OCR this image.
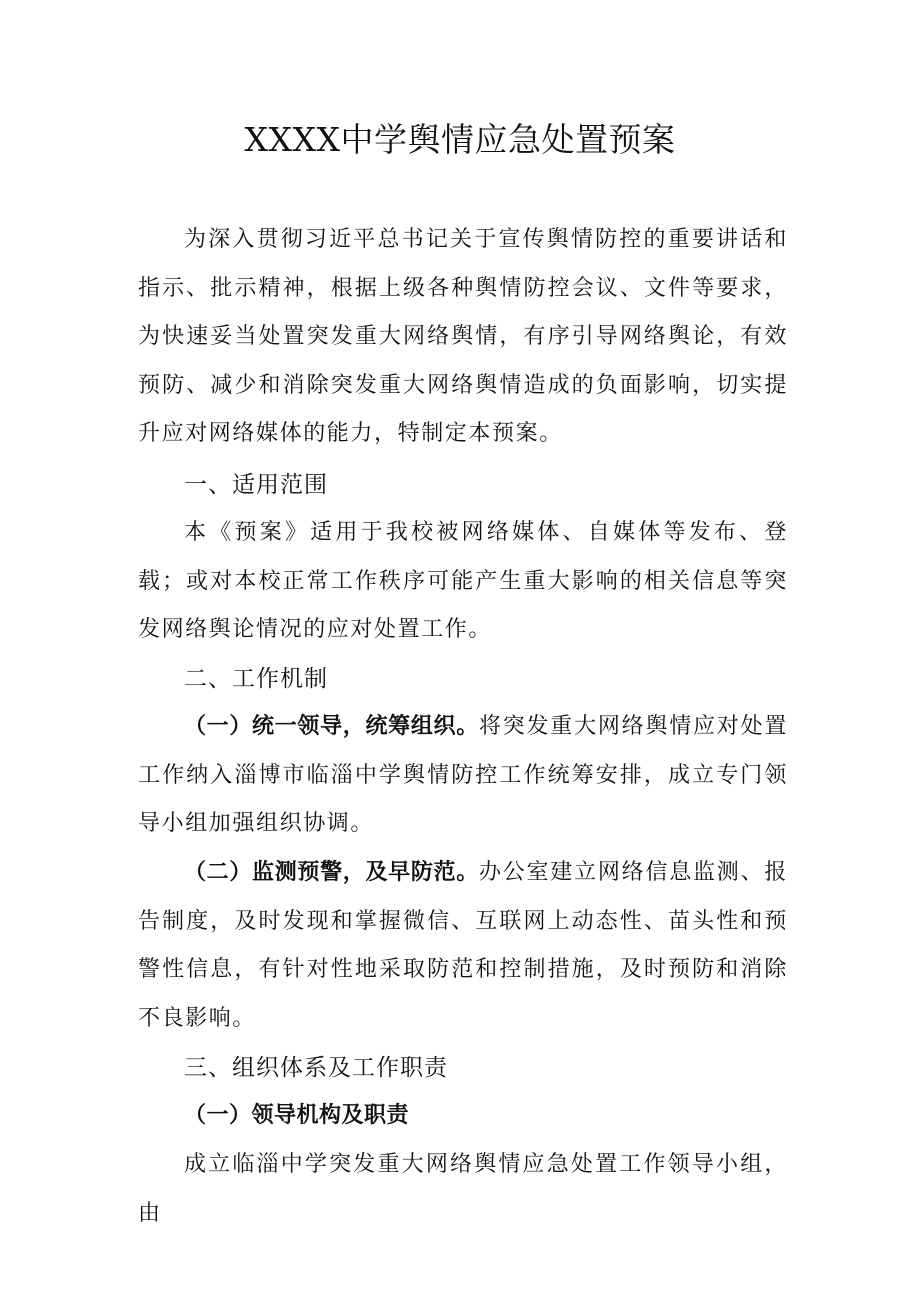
XXXX中学舆情应急处置预案

为深入贯彻习近平总书记关于宣传舆情防控的重要讲话和指示、批示精神，根据上级各种舆情防控会议、文件等要求，为快速妥当处置突发重大网络舆情，有序引导网络舆论，有效预防、减少和消除突发重大网络舆情造成的负面影响，切实提升应对网络媒体的能力，特制定本预案。

一、适用范围

本《预案》适用于我校被网络媒体、自媒体等发布、登载；或对本校正常工作秩序可能产生重大影响的相关信息等突发网络舆论情况的应对处置工作。

二、工作机制

（一）统一领导，统筹组织。将突发重大网络舆情应对处置工作纳入淄博市临淄中学舆情防控工作统筹安排，成立专门领导小组加强组织协调。

（二）监测预警，及早防范。办公室建立网络信息监测、报告制度，及时发现和掌握微信、互联网上动态性、苗头性和预警性信息，有针对性地采取防范和控制措施，及时预防和消除不良影响。

三、组织体系及工作职责
（一）领导机构及职责

成立临淄中学突发重大网络舆情应急处置工作领导小组，由
